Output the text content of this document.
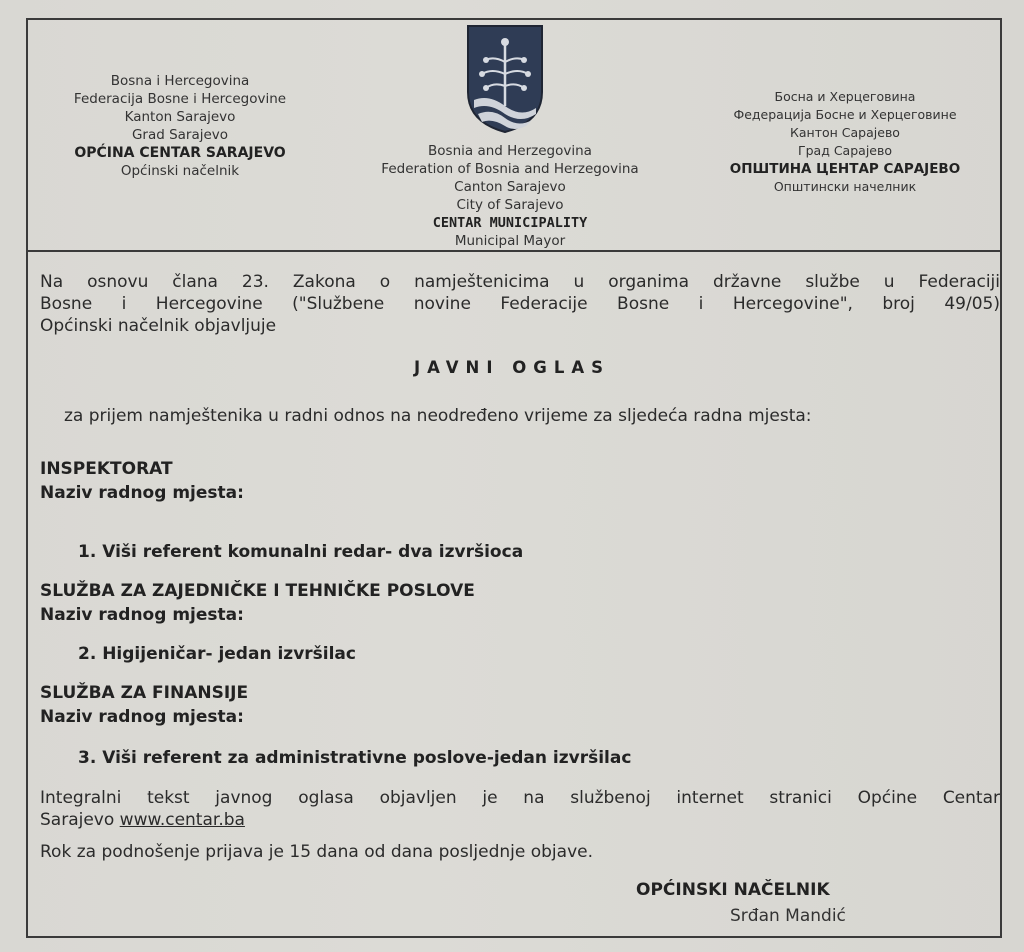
Bosna i Hercegovina
Federacija Bosne i Hercegovine
Kanton Sarajevo
Grad Sarajevo
OPĆINA CENTAR SARAJEVO
Općinski načelnik
Bosnia and Herzegovina
Federation of Bosnia and Herzegovina
Canton Sarajevo
City of Sarajevo
CENTAR MUNICIPALITY
Municipal Mayor
Босна и Херцеговина
Федерација Босне и Херцеговине
Кантон Сарајево
Град Сарајево
ОПШТИНА ЦЕНТАР САРАЈЕВО
Општински начелник
Na osnovu člana 23. Zakona o namještenicima u organima državne službe u Federaciji
Bosne i Hercegovine ("Službene novine Federacije Bosne i Hercegovine", broj 49/05)
Općinski načelnik objavljuje
JAVNI OGLAS
za prijem namještenika u radni odnos na neodređeno vrijeme za sljedeća radna mjesta:
INSPEKTORAT
Naziv radnog mjesta:
1. Viši referent komunalni redar- dva izvršioca
SLUŽBA ZA ZAJEDNIČKE I TEHNIČKE POSLOVE
Naziv radnog mjesta:
2. Higijeničar- jedan izvršilac
SLUŽBA ZA FINANSIJE
Naziv radnog mjesta:
3. Viši referent za administrativne poslove-jedan izvršilac
Integralni tekst javnog oglasa objavljen je na službenoj internet stranici Općine Centar
Sarajevo www.centar.ba
Rok za podnošenje prijava je 15 dana od dana posljednje objave.
OPĆINSKI NAČELNIK
Srđan Mandić
